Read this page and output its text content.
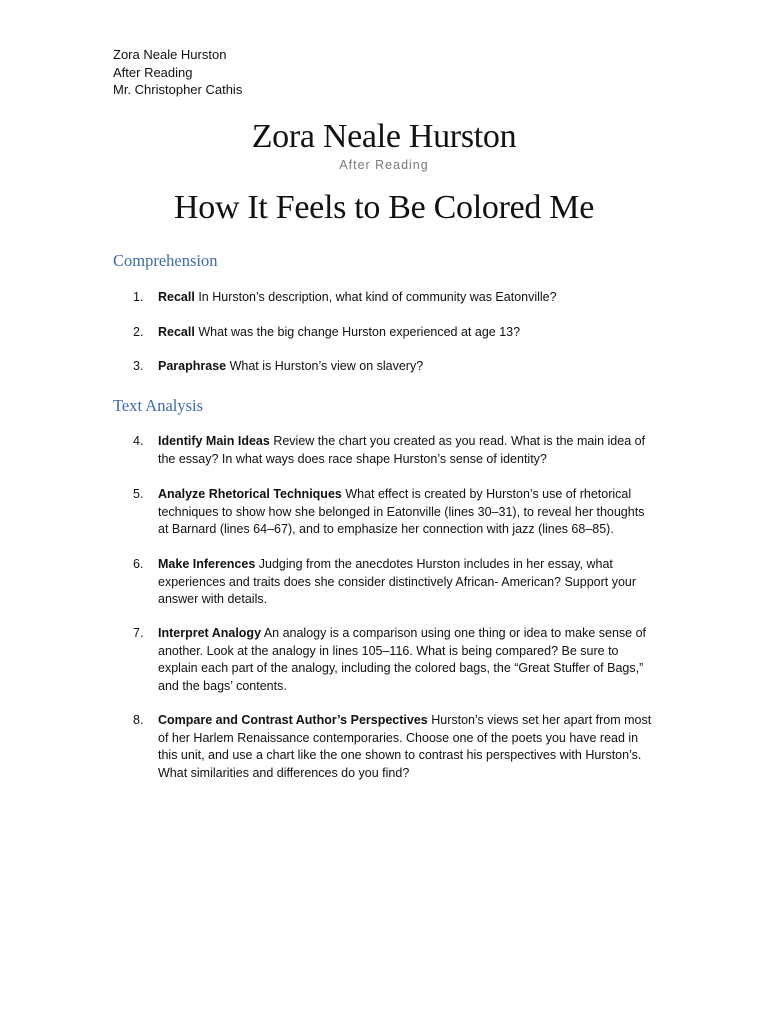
Zora Neale Hurston
After Reading
Mr. Christopher Cathis
Zora Neale Hurston
After Reading
How It Feels to Be Colored Me
Comprehension
1.	Recall In Hurston’s description, what kind of community was Eatonville?
2.	Recall What was the big change Hurston experienced at age 13?
3.	Paraphrase What is Hurston’s view on slavery?
Text Analysis
4.	Identify Main Ideas Review the chart you created as you read. What is the main idea of the essay? In what ways does race shape Hurston’s sense of identity?
5.	Analyze Rhetorical Techniques What effect is created by Hurston’s use of rhetorical techniques to show how she belonged in Eatonville (lines 30–31), to reveal her thoughts at Barnard (lines 64–67), and to emphasize her connection with jazz (lines 68–85).
6.	Make Inferences Judging from the anecdotes Hurston includes in her essay, what experiences and traits does she consider distinctively African- American? Support your answer with details.
7.	Interpret Analogy An analogy is a comparison using one thing or idea to make sense of another. Look at the analogy in lines 105–116. What is being compared? Be sure to explain each part of the analogy, including the colored bags, the “Great Stuffer of Bags,” and the bags’ contents.
8.	Compare and Contrast Author’s Perspectives Hurston’s views set her apart from most of her Harlem Renaissance contemporaries. Choose one of the poets you have read in this unit, and use a chart like the one shown to contrast his perspectives with Hurston’s. What similarities and differences do you find?
